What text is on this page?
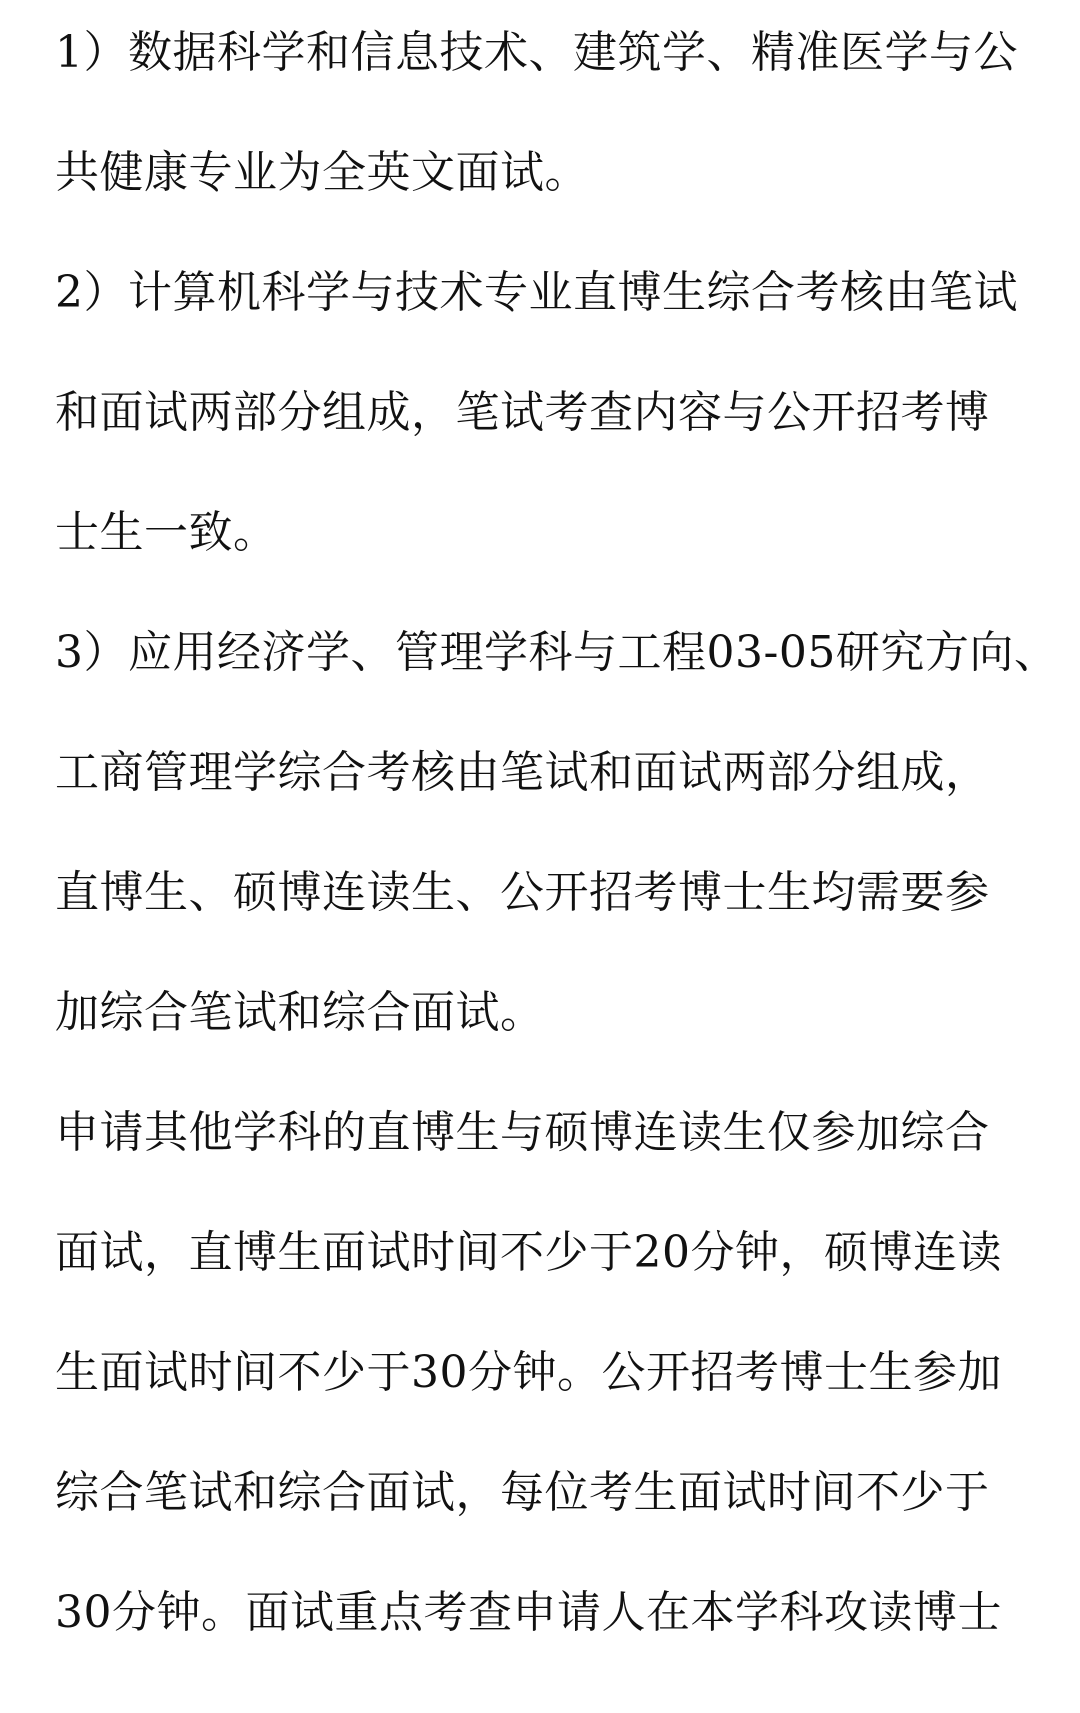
1）数据科学和信息技术、建筑学、精准医学与公
共健康专业为全英文面试。
2）计算机科学与技术专业直博生综合考核由笔试
和面试两部分组成，笔试考查内容与公开招考博
士生一致。
3）应用经济学、管理学科与工程03-05研究方向、
工商管理学综合考核由笔试和面试两部分组成，
直博生、硕博连读生、公开招考博士生均需要参
加综合笔试和综合面试。
申请其他学科的直博生与硕博连读生仅参加综合
面试，直博生面试时间不少于20分钟，硕博连读
生面试时间不少于30分钟。公开招考博士生参加
综合笔试和综合面试，每位考生面试时间不少于
30分钟。面试重点考查申请人在本学科攻读博士
